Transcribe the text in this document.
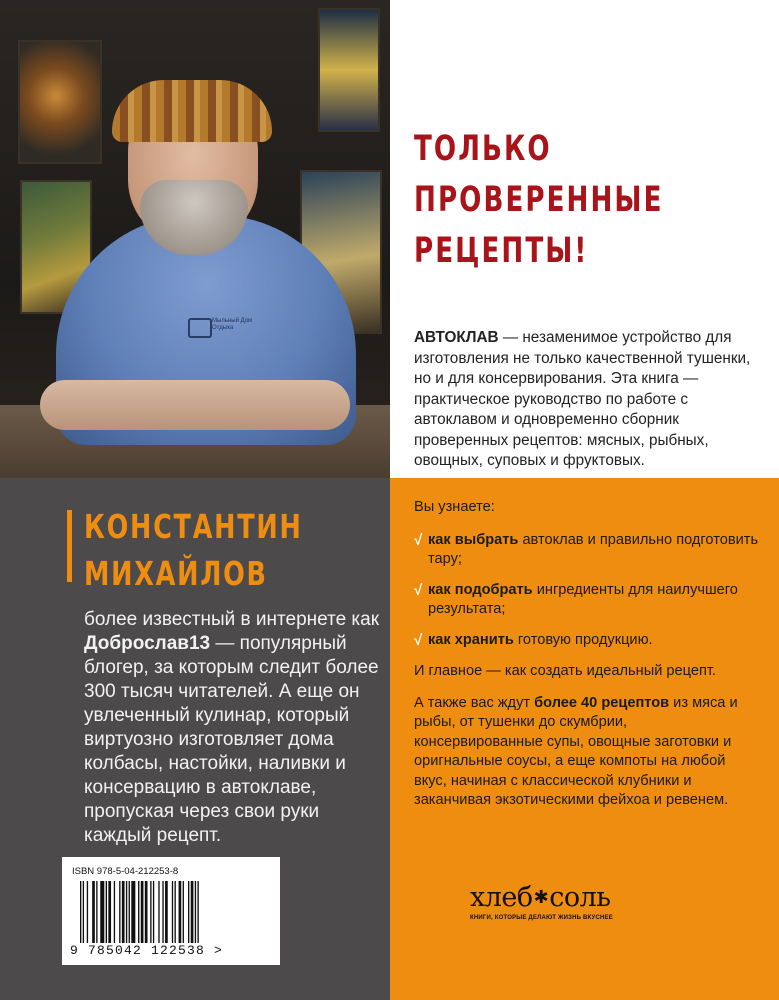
Мыльный Дом Отдыха
КОНСТАНТИН
МИХАЙЛОВ
более известный в интернете как Доброслав13 — популярный блогер, за которым следит более 300 тысяч читателей. А еще он увлеченный кулинар, который виртуозно изготовляет дома колбасы, настойки, наливки и консервацию в автоклаве, пропуская через свои руки каждый рецепт.
ISBN 978-5-04-212253-8
9 785042 122538 >
ТОЛЬКО
ПРОВЕРЕННЫЕ
РЕЦЕПТЫ!
АВТОКЛАВ — незаменимое устройство для изготовления не только качественной тушенки, но и для консервирования. Эта книга — практическое руководство по работе с автоклавом и одновременно сборник проверенных рецептов: мясных, рыбных, овощных, суповых и фруктовых.

Вы узнаете:

√ как выбрать автоклав и правильно подготовить тару;
√ как подобрать ингредиенты для наилучшего результата;
√ как хранить готовую продукцию.

И главное — как создать идеальный рецепт.

А также вас ждут более 40 рецептов из мяса и рыбы, от тушенки до скумбрии, консервированные супы, овощные заготовки и оригнальные соусы, а еще компоты на любой вкус, начиная с классической клубники и заканчивая экзотическими фейхоа и ревенем.

хлеб✱соль
КНИГИ, КОТОРЫЕ ДЕЛАЮТ ЖИЗНЬ ВКУСНЕЕ
